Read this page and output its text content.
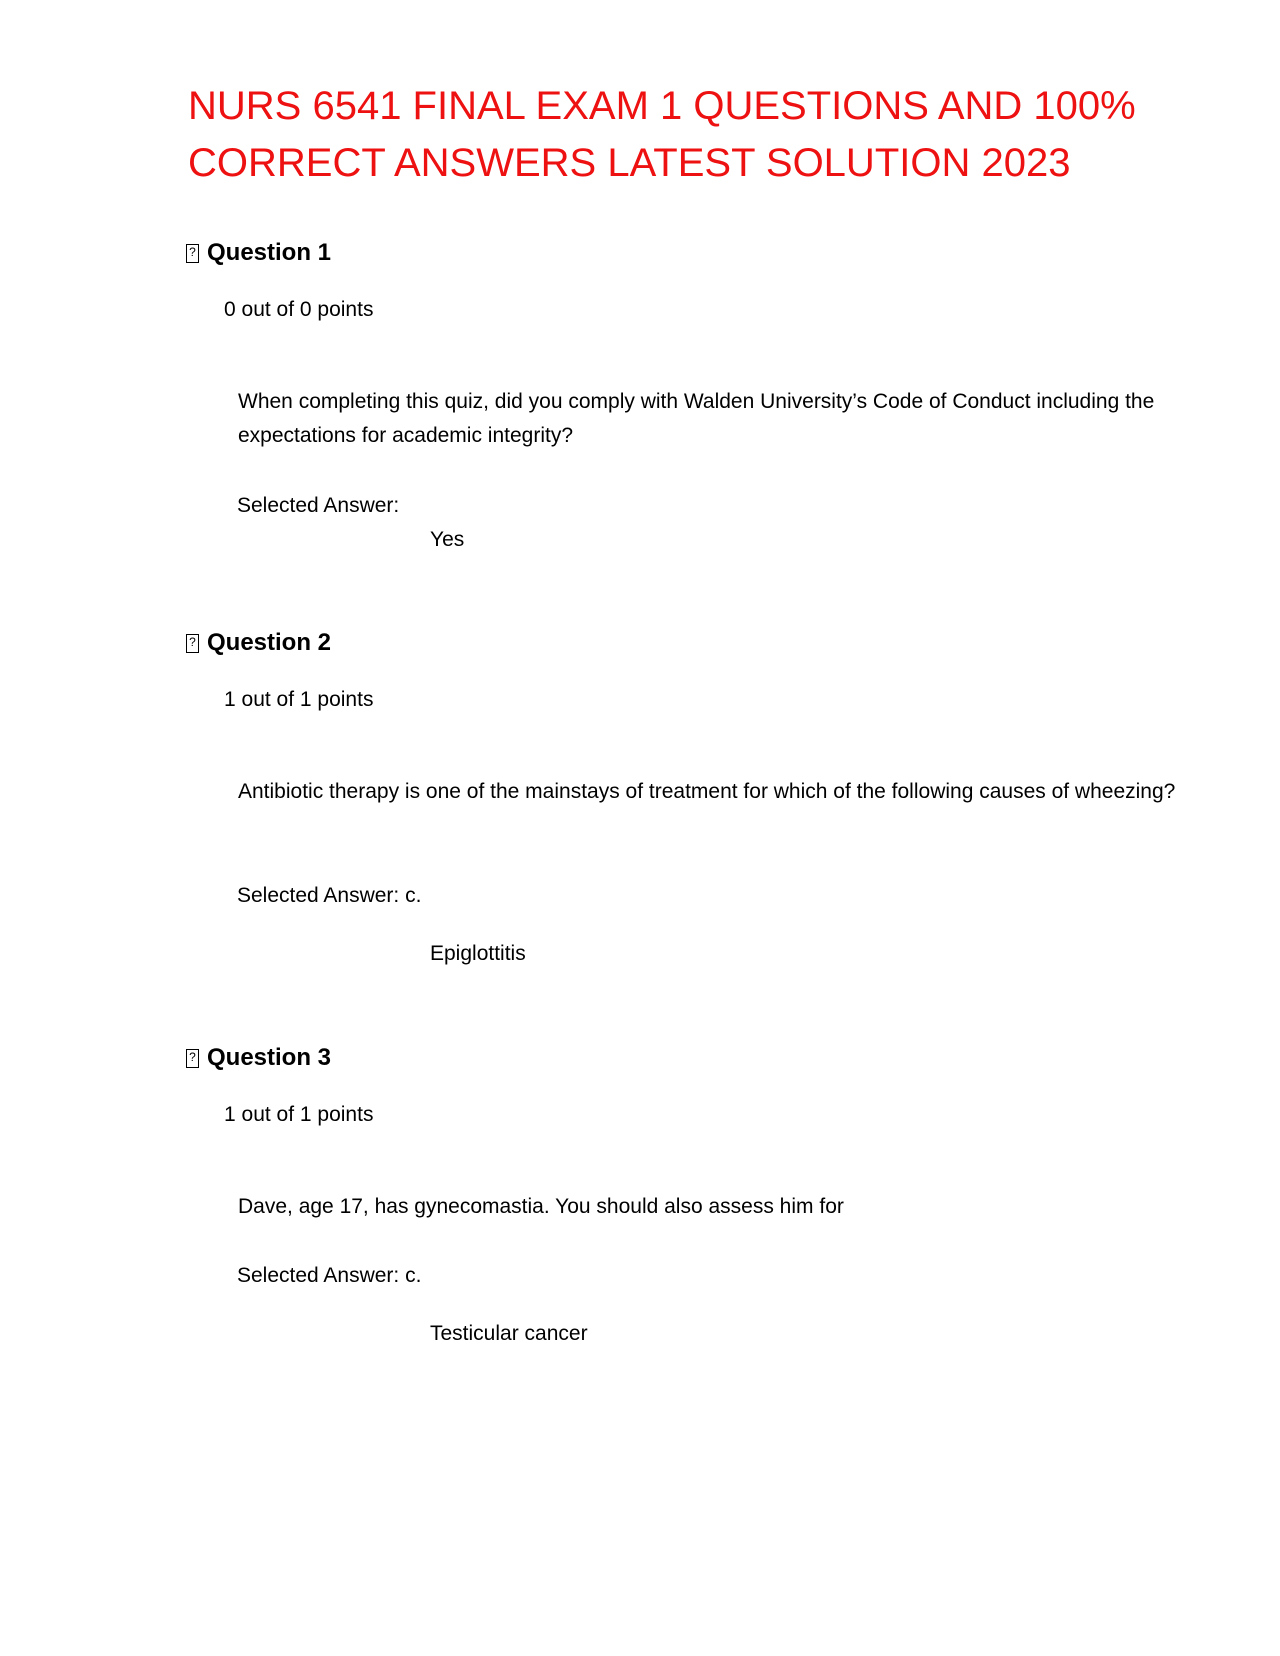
NURS 6541 FINAL EXAM 1 QUESTIONS AND 100% CORRECT ANSWERS LATEST SOLUTION 2023
? Question 1
0 out of 0 points
When completing this quiz, did you comply with Walden University’s Code of Conduct including the expectations for academic integrity?
Selected Answer:
Yes
? Question 2
1 out of 1 points
Antibiotic therapy is one of the mainstays of treatment for which of the following causes of wheezing?
Selected Answer: c.
Epiglottitis
? Question 3
1 out of 1 points
Dave, age 17, has gynecomastia. You should also assess him for
Selected Answer: c.
Testicular cancer
